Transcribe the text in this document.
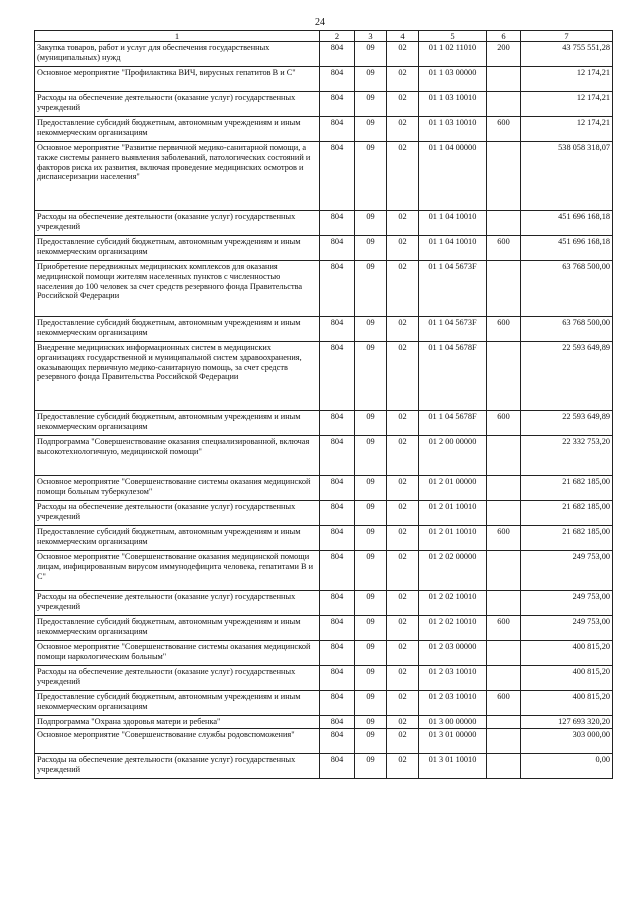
24
1	2	3	4	5	6	7
Закупка товаров, работ и услуг для обеспечения государственных (муниципальных) нужд	804	09	02	01 1 02 11010	200	43 755 551,28
Основное мероприятие "Профилактика ВИЧ, вирусных гепатитов В и С"	804	09	02	01 1 03 00000		12 174,21
Расходы на обеспечение деятельности (оказание услуг) государственных учреждений	804	09	02	01 1 03 10010		12 174,21
Предоставление субсидий бюджетным, автономным учреждениям и иным некоммерческим организациям	804	09	02	01 1 03 10010	600	12 174,21
Основное мероприятие "Развитие первичной медико-санитарной помощи, а также системы раннего выявления заболеваний, патологических состояний и факторов риска их развития, включая проведение медицинских осмотров и диспансеризации населения"	804	09	02	01 1 04 00000		538 058 318,07
Расходы на обеспечение деятельности (оказание услуг) государственных учреждений	804	09	02	01 1 04 10010		451 696 168,18
Предоставление субсидий бюджетным, автономным учреждениям и иным некоммерческим организациям	804	09	02	01 1 04 10010	600	451 696 168,18
Приобретение передвижных медицинских комплексов для оказания медицинской помощи жителям населенных пунктов с численностью населения до 100 человек за счет средств резервного фонда Правительства Российской Федерации	804	09	02	01 1 04 5673F		63 768 500,00
Предоставление субсидий бюджетным, автономным учреждениям и иным некоммерческим организациям	804	09	02	01 1 04 5673F	600	63 768 500,00
Внедрение медицинских информационных систем в медицинских организациях государственной и муниципальной систем здравоохранения, оказывающих первичную медико-санитарную помощь, за счет средств резервного фонда Правительства Российской Федерации	804	09	02	01 1 04 5678F		22 593 649,89
Предоставление субсидий бюджетным, автономным учреждениям и иным некоммерческим организациям	804	09	02	01 1 04 5678F	600	22 593 649,89
Подпрограмма "Совершенствование оказания специализированной, включая высокотехнологичную, медицинской помощи"	804	09	02	01 2 00 00000		22 332 753,20
Основное мероприятие "Совершенствование системы оказания медицинской помощи больным туберкулезом"	804	09	02	01 2 01 00000		21 682 185,00
Расходы на обеспечение деятельности (оказание услуг) государственных учреждений	804	09	02	01 2 01 10010		21 682 185,00
Предоставление субсидий бюджетным, автономным учреждениям и иным некоммерческим организациям	804	09	02	01 2 01 10010	600	21 682 185,00
Основное мероприятие "Совершенствование оказания медицинской помощи лицам, инфицированным вирусом иммунодефицита человека, гепатитами В и С"	804	09	02	01 2 02 00000		249 753,00
Расходы на обеспечение деятельности (оказание услуг) государственных учреждений	804	09	02	01 2 02 10010		249 753,00
Предоставление субсидий бюджетным, автономным учреждениям и иным некоммерческим организациям	804	09	02	01 2 02 10010	600	249 753,00
Основное мероприятие "Совершенствование системы оказания медицинской помощи наркологическим больным"	804	09	02	01 2 03 00000		400 815,20
Расходы на обеспечение деятельности (оказание услуг) государственных учреждений	804	09	02	01 2 03 10010		400 815,20
Предоставление субсидий бюджетным, автономным учреждениям и иным некоммерческим организациям	804	09	02	01 2 03 10010	600	400 815,20
Подпрограмма "Охрана здоровья матери и ребенка"	804	09	02	01 3 00 00000		127 693 320,20
Основное мероприятие "Совершенствование службы родовспоможения"	804	09	02	01 3 01 00000		303 000,00
Расходы на обеспечение деятельности (оказание услуг) государственных учреждений	804	09	02	01 3 01 10010		0,00
